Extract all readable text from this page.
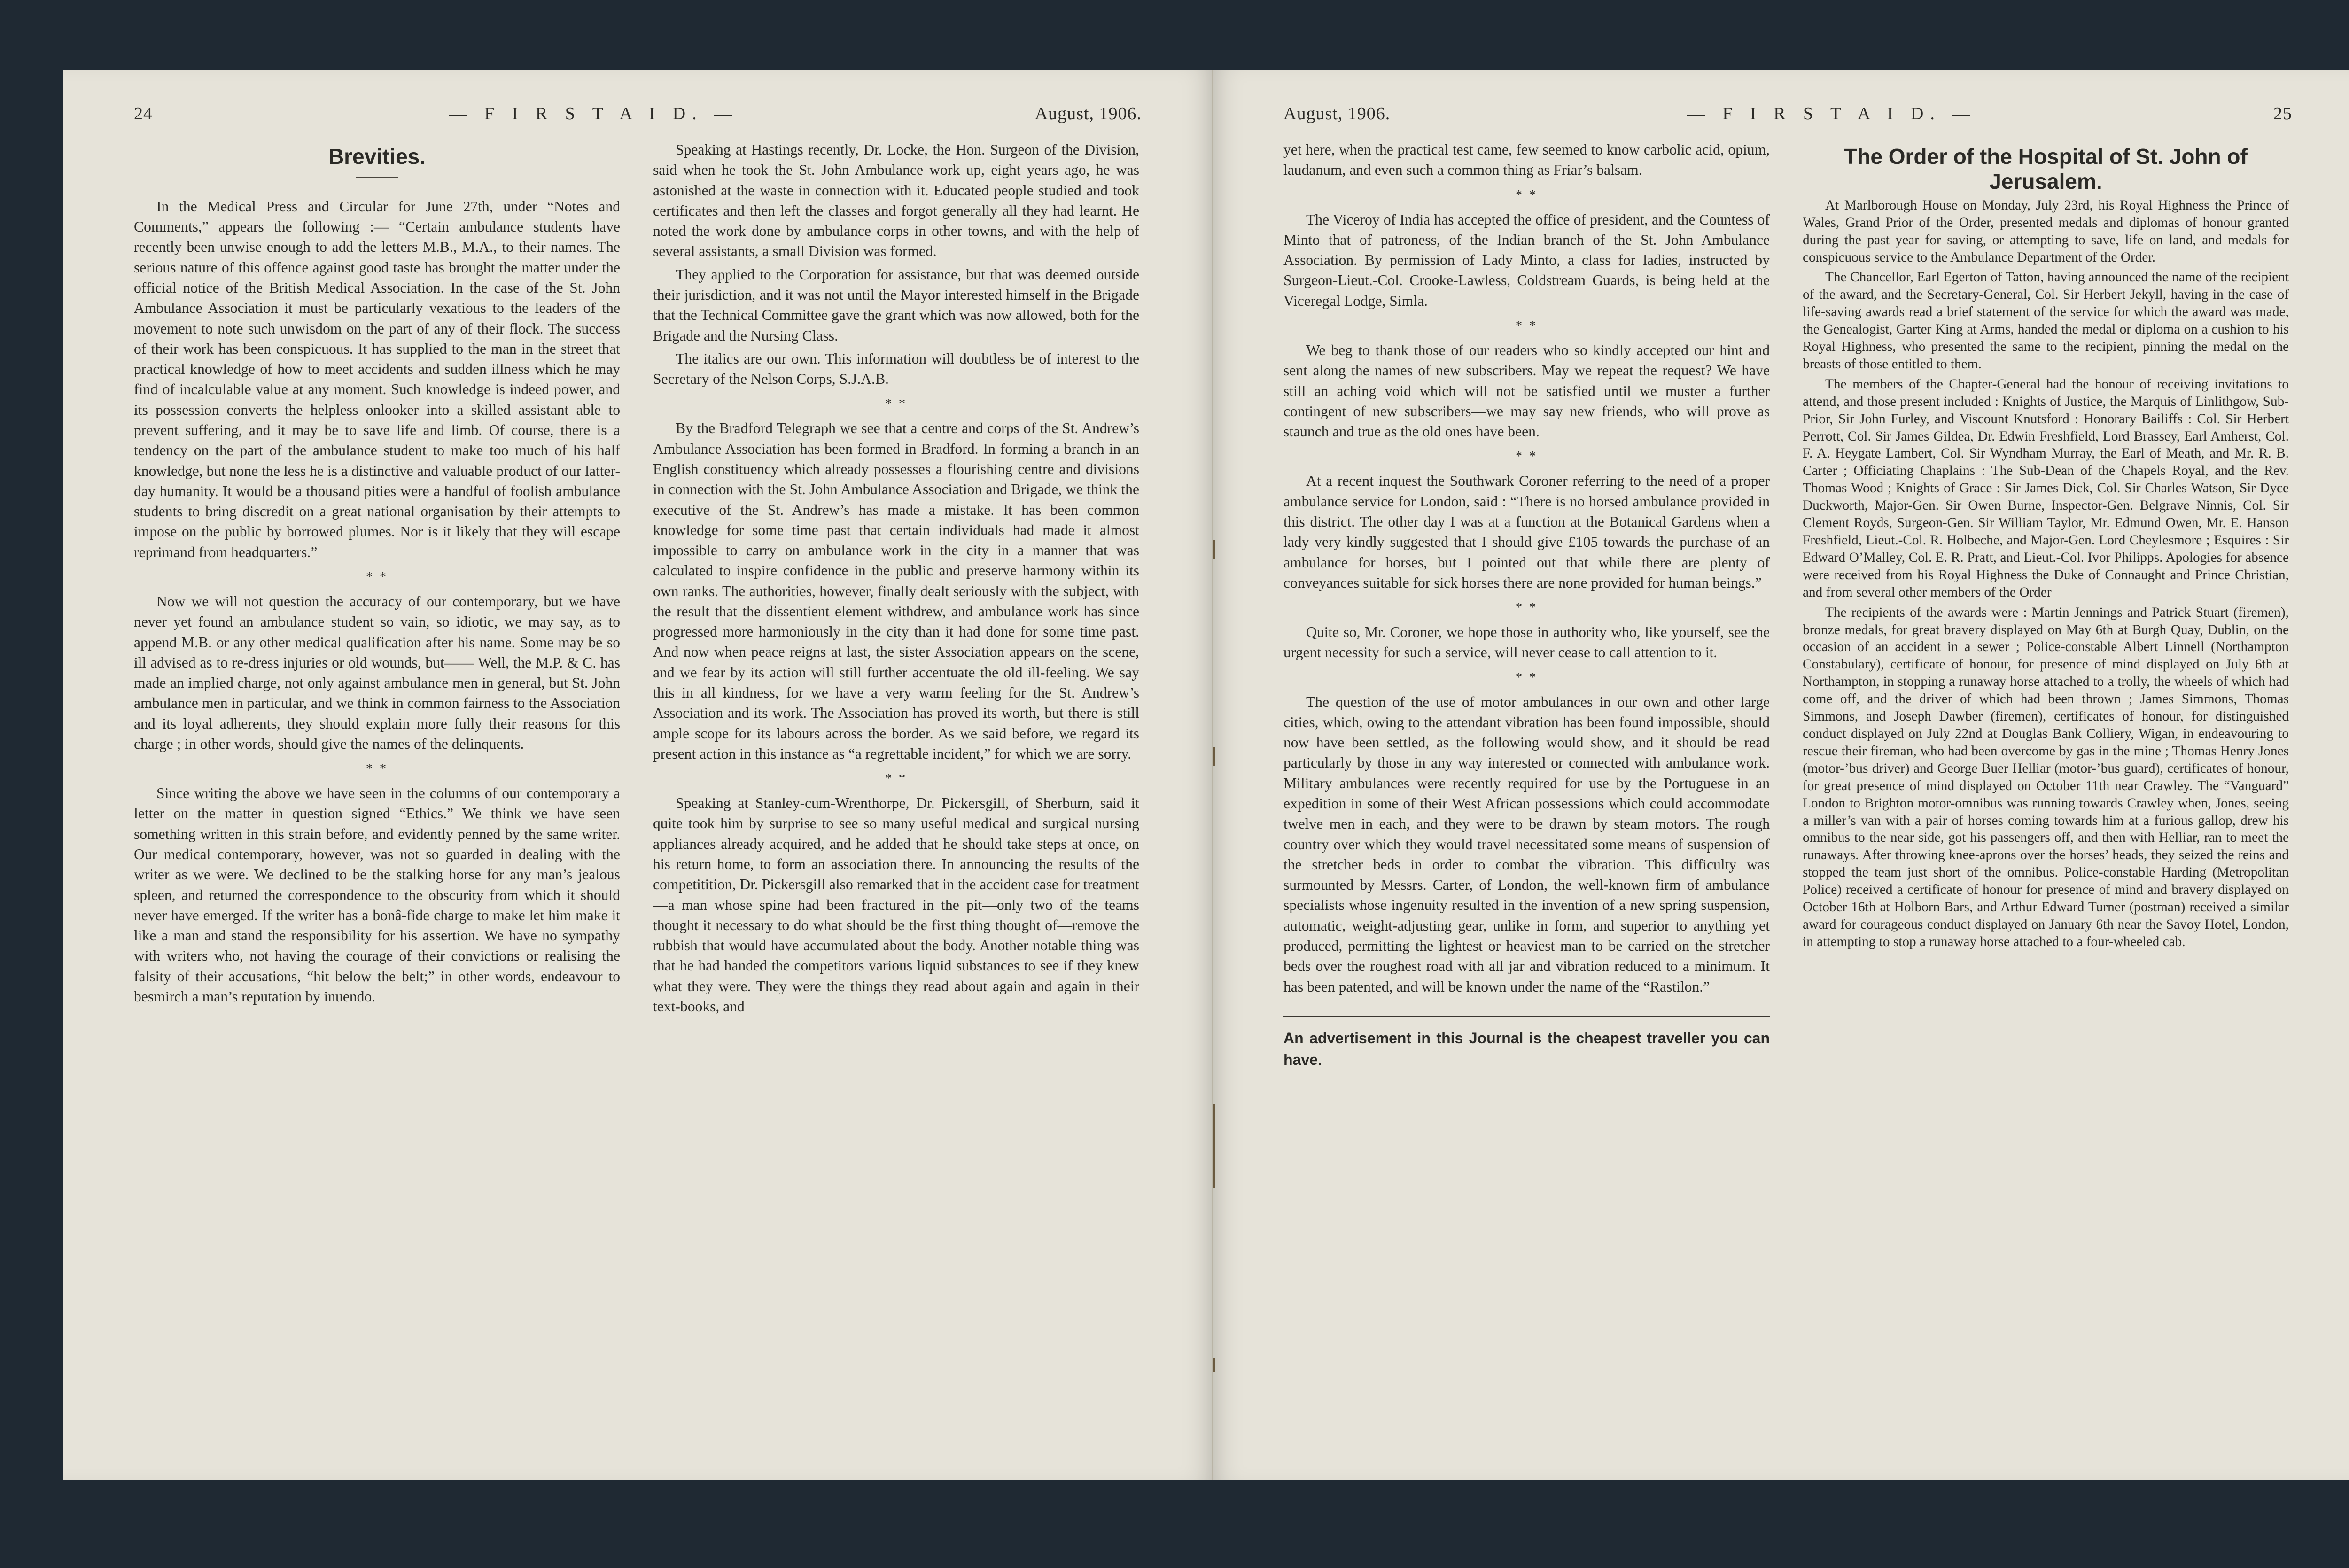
24	— F I R S T A I D. —	August, 1906.
Brevities.

In the Medical Press and Circular for June 27th, under “Notes and Comments,” appears the following :— “Certain ambulance students have recently been unwise enough to add the letters M.B., M.A., to their names. The serious nature of this offence against good taste has brought the matter under the official notice of the British Medical Association. In the case of the St. John Ambulance Association it must be particularly vexatious to the leaders of the movement to note such unwisdom on the part of any of their flock. The success of their work has been conspicuous. It has supplied to the man in the street that practical knowledge of how to meet accidents and sudden illness which he may find of incalculable value at any moment. Such knowledge is indeed power, and its possession converts the helpless onlooker into a skilled assistant able to prevent suffering, and it may be to save life and limb. Of course, there is a tendency on the part of the ambulance student to make too much of his half knowledge, but none the less he is a distinctive and valuable product of our latter-day humanity. It would be a thousand pities were a handful of foolish ambulance students to bring discredit on a great national organisation by their attempts to impose on the public by borrowed plumes. Nor is it likely that they will escape reprimand from headquarters.”

* *

Now we will not question the accuracy of our contemporary, but we have never yet found an ambulance student so vain, so idiotic, we may say, as to append M.B. or any other medical qualification after his name. Some may be so ill advised as to re-dress injuries or old wounds, but—— Well, the M.P. & C. has made an implied charge, not only against ambulance men in general, but St. John ambulance men in particular, and we think in common fairness to the Association and its loyal adherents, they should explain more fully their reasons for this charge ; in other words, should give the names of the delinquents.

* *

Since writing the above we have seen in the columns of our contemporary a letter on the matter in question signed “Ethics.” We think we have seen something written in this strain before, and evidently penned by the same writer. Our medical contemporary, however, was not so guarded in dealing with the writer as we were. We declined to be the stalking horse for any man’s jealous spleen, and returned the correspondence to the obscurity from which it should never have emerged. If the writer has a bonâ-fide charge to make let him make it like a man and stand the responsibility for his assertion. We have no sympathy with writers who, not having the courage of their convictions or realising the falsity of their accusations, “hit below the belt;” in other words, endeavour to besmirch a man’s reputation by inuendo.

Speaking at Hastings recently, Dr. Locke, the Hon. Surgeon of the Division, said when he took the St. John Ambulance work up, eight years ago, he was astonished at the waste in connection with it. Educated people studied and took certificates and then left the classes and forgot generally all they had learnt. He noted the work done by ambulance corps in other towns, and with the help of several assistants, a small Division was formed.

They applied to the Corporation for assistance, but that was deemed outside their jurisdiction, and it was not until the Mayor interested himself in the Brigade that the Technical Committee gave the grant which was now allowed, both for the Brigade and the Nursing Class.

The italics are our own. This information will doubtless be of interest to the Secretary of the Nelson Corps, S.J.A.B.

* *

By the Bradford Telegraph we see that a centre and corps of the St. Andrew’s Ambulance Association has been formed in Bradford. In forming a branch in an English constituency which already possesses a flourishing centre and divisions in connection with the St. John Ambulance Association and Brigade, we think the executive of the St. Andrew’s has made a mistake. It has been common knowledge for some time past that certain individuals had made it almost impossible to carry on ambulance work in the city in a manner that was calculated to inspire confidence in the public and preserve harmony within its own ranks. The authorities, however, finally dealt seriously with the subject, with the result that the dissentient element withdrew, and ambulance work has since progressed more harmoniously in the city than it had done for some time past. And now when peace reigns at last, the sister Association appears on the scene, and we fear by its action will still further accentuate the old ill-feeling. We say this in all kindness, for we have a very warm feeling for the St. Andrew’s Association and its work. The Association has proved its worth, but there is still ample scope for its labours across the border. As we said before, we regard its present action in this instance as “a regrettable incident,” for which we are sorry.

* *

Speaking at Stanley-cum-Wrenthorpe, Dr. Pickersgill, of Sherburn, said it quite took him by surprise to see so many useful medical and surgical nursing appliances already acquired, and he added that he should take steps at once, on his return home, to form an association there. In announcing the results of the competitition, Dr. Pickersgill also remarked that in the accident case for treatment—a man whose spine had been fractured in the pit—only two of the teams thought it necessary to do what should be the first thing thought of—remove the rubbish that would have accumulated about the body. Another notable thing was that he had handed the competitors various liquid substances to see if they knew what they were. They were the things they read about again and again in their text-books, and

August, 1906.	— F I R S T A I D. —	25

yet here, when the practical test came, few seemed to know carbolic acid, opium, laudanum, and even such a common thing as Friar’s balsam.

* *

The Viceroy of India has accepted the office of president, and the Countess of Minto that of patroness, of the Indian branch of the St. John Ambulance Association. By permission of Lady Minto, a class for ladies, instructed by Surgeon-Lieut.-Col. Crooke-Lawless, Coldstream Guards, is being held at the Viceregal Lodge, Simla.

* *

We beg to thank those of our readers who so kindly accepted our hint and sent along the names of new subscribers. May we repeat the request? We have still an aching void which will not be satisfied until we muster a further contingent of new subscribers—we may say new friends, who will prove as staunch and true as the old ones have been.

* *

At a recent inquest the Southwark Coroner referring to the need of a proper ambulance service for London, said : “There is no horsed ambulance provided in this district. The other day I was at a function at the Botanical Gardens when a lady very kindly suggested that I should give £105 towards the purchase of an ambulance for horses, but I pointed out that while there are plenty of conveyances suitable for sick horses there are none provided for human beings.”

* *

Quite so, Mr. Coroner, we hope those in authority who, like yourself, see the urgent necessity for such a service, will never cease to call attention to it.

* *

The question of the use of motor ambulances in our own and other large cities, which, owing to the attendant vibration has been found impossible, should now have been settled, as the following would show, and it should be read particularly by those in any way interested or connected with ambulance work. Military ambulances were recently required for use by the Portuguese in an expedition in some of their West African possessions which could accommodate twelve men in each, and they were to be drawn by steam motors. The rough country over which they would travel necessitated some means of suspension of the stretcher beds in order to combat the vibration. This difficulty was surmounted by Messrs. Carter, of London, the well-known firm of ambulance specialists whose ingenuity resulted in the invention of a new spring suspension, automatic, weight-adjusting gear, unlike in form, and superior to anything yet produced, permitting the lightest or heaviest man to be carried on the stretcher beds over the roughest road with all jar and vibration reduced to a minimum. It has been patented, and will be known under the name of the “Rastilon.”

An advertisement in this Journal is the cheapest traveller you can have.
The Order of the Hospital of St. John of Jerusalem.

At Marlborough House on Monday, July 23rd, his Royal Highness the Prince of Wales, Grand Prior of the Order, presented medals and diplomas of honour granted during the past year for saving, or attempting to save, life on land, and medals for conspicuous service to the Ambulance Department of the Order.

The Chancellor, Earl Egerton of Tatton, having announced the name of the recipient of the award, and the Secretary-General, Col. Sir Herbert Jekyll, having in the case of life-saving awards read a brief statement of the service for which the award was made, the Genealogist, Garter King at Arms, handed the medal or diploma on a cushion to his Royal Highness, who presented the same to the recipient, pinning the medal on the breasts of those entitled to them.

The members of the Chapter-General had the honour of receiving invitations to attend, and those present included : Knights of Justice, the Marquis of Linlithgow, Sub-Prior, Sir John Furley, and Viscount Knutsford : Honorary Bailiffs : Col. Sir Herbert Perrott, Col. Sir James Gildea, Dr. Edwin Freshfield, Lord Brassey, Earl Amherst, Col. F. A. Heygate Lambert, Col. Sir Wyndham Murray, the Earl of Meath, and Mr. R. B. Carter ; Officiating Chaplains : The Sub-Dean of the Chapels Royal, and the Rev. Thomas Wood ; Knights of Grace : Sir James Dick, Col. Sir Charles Watson, Sir Dyce Duckworth, Major-Gen. Sir Owen Burne, Inspector-Gen. Belgrave Ninnis, Col. Sir Clement Royds, Surgeon-Gen. Sir William Taylor, Mr. Edmund Owen, Mr. E. Hanson Freshfield, Lieut.-Col. R. Holbeche, and Major-Gen. Lord Cheylesmore ; Esquires : Sir Edward O’Malley, Col. E. R. Pratt, and Lieut.-Col. Ivor Philipps. Apologies for absence were received from his Royal Highness the Duke of Connaught and Prince Christian, and from several other members of the Order

The recipients of the awards were : Martin Jennings and Patrick Stuart (firemen), bronze medals, for great bravery displayed on May 6th at Burgh Quay, Dublin, on the occasion of an accident in a sewer ; Police-constable Albert Linnell (Northampton Constabulary), certificate of honour, for presence of mind displayed on July 6th at Northampton, in stopping a runaway horse attached to a trolly, the wheels of which had come off, and the driver of which had been thrown ; James Simmons, Thomas Simmons, and Joseph Dawber (firemen), certificates of honour, for distinguished conduct displayed on July 22nd at Douglas Bank Colliery, Wigan, in endeavouring to rescue their fireman, who had been overcome by gas in the mine ; Thomas Henry Jones (motor-’bus driver) and George Buer Helliar (motor-’bus guard), certificates of honour, for great presence of mind displayed on October 11th near Crawley. The “Vanguard” London to Brighton motor-omnibus was running towards Crawley when, Jones, seeing a miller’s van with a pair of horses coming towards him at a furious gallop, drew his omnibus to the near side, got his passengers off, and then with Helliar, ran to meet the runaways. After throwing knee-aprons over the horses’ heads, they seized the reins and stopped the team just short of the omnibus. Police-constable Harding (Metropolitan Police) received a certificate of honour for presence of mind and bravery displayed on October 16th at Holborn Bars, and Arthur Edward Turner (postman) received a similar award for courageous conduct displayed on January 6th near the Savoy Hotel, London, in attempting to stop a runaway horse attached to a four-wheeled cab.
